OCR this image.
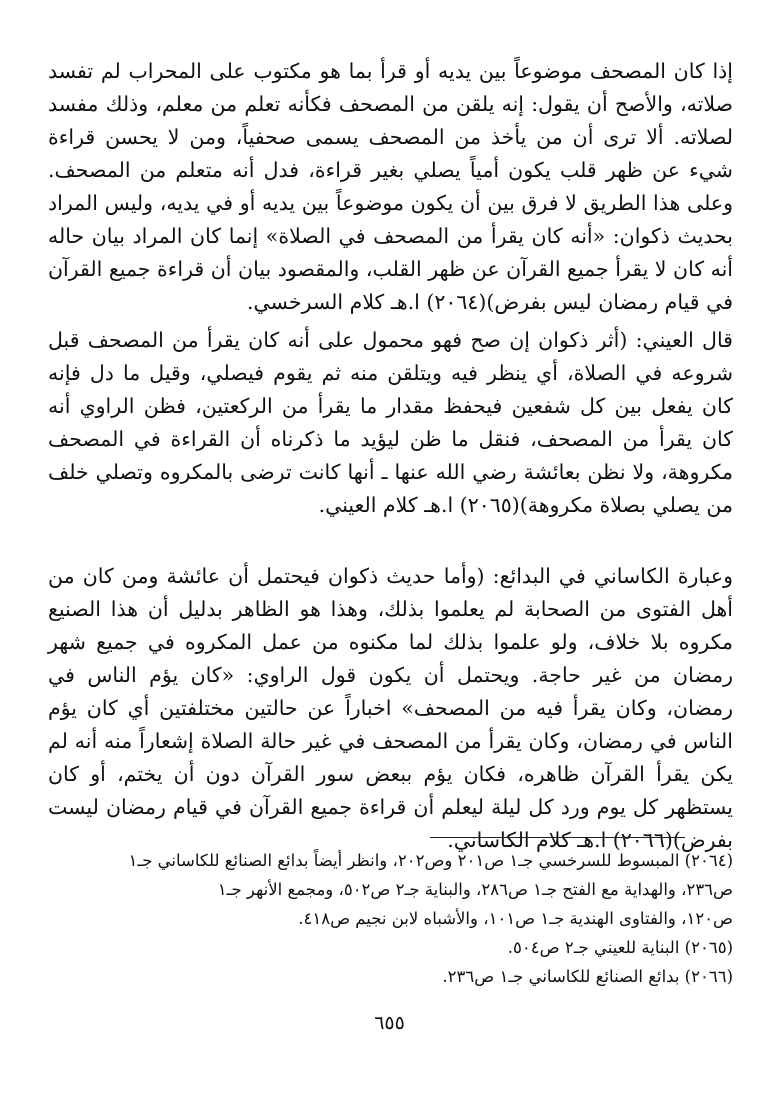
إذا كان المصحف موضوعاً بين يديه أو قرأ بما هو مكتوب على المحراب لم تفسد صلاته، والأصح أن يقول: إنه يلقن من المصحف فكأنه تعلم من معلم، وذلك مفسد لصلاته. ألا ترى أن من يأخذ من المصحف يسمى صحفياً، ومن لا يحسن قراءة شيء عن ظهر قلب يكون أمياً يصلي بغير قراءة، فدل أنه متعلم من المصحف. وعلى هذا الطريق لا فرق بين أن يكون موضوعاً بين يديه أو في يديه، وليس المراد بحديث ذكوان: «أنه كان يقرأ من المصحف في الصلاة» إنما كان المراد بيان حاله أنه كان لا يقرأ جميع القرآن عن ظهر القلب، والمقصود بيان أن قراءة جميع القرآن في قيام رمضان ليس بفرض)(٢٠٦٤) ا.هـ كلام السرخسي.
قال العيني: (أثر ذكوان إن صح فهو محمول على أنه كان يقرأ من المصحف قبل شروعه في الصلاة، أي ينظر فيه ويتلقن منه ثم يقوم فيصلي، وقيل ما دل فإنه كان يفعل بين كل شفعين فيحفظ مقدار ما يقرأ من الركعتين، فظن الراوي أنه كان يقرأ من المصحف، فنقل ما ظن ليؤيد ما ذكرناه أن القراءة في المصحف مكروهة، ولا نظن بعائشة رضي الله عنها ـ أنها كانت ترضى بالمكروه وتصلي خلف من يصلي بصلاة مكروهة)(٢٠٦٥) ا.هـ كلام العيني.
وعبارة الكاساني في البدائع: (وأما حديث ذكوان فيحتمل أن عائشة ومن كان من أهل الفتوى من الصحابة لم يعلموا بذلك، وهذا هو الظاهر بدليل أن هذا الصنيع مكروه بلا خلاف، ولو علموا بذلك لما مكنوه من عمل المكروه في جميع شهر رمضان من غير حاجة. ويحتمل أن يكون قول الراوي: «كان يؤم الناس في رمضان، وكان يقرأ فيه من المصحف» اخباراً عن حالتين مختلفتين أي كان يؤم الناس في رمضان، وكان يقرأ من المصحف في غير حالة الصلاة إشعاراً منه أنه لم يكن يقرأ القرآن ظاهره، فكان يؤم ببعض سور القرآن دون أن يختم، أو كان يستظهر كل يوم ورد كل ليلة ليعلم أن قراءة جميع القرآن في قيام رمضان ليست بفرض)(٢٠٦٦) ا.هـ كلام الكاساني.
(٢٠٦٤) المبسوط للسرخسي جـ١ ص٢٠١ وص٢٠٢، وانظر أيضاً بدائع الصنائع للكاساني جـ١
ص٢٣٦، والهداية مع الفتح جـ١ ص٢٨٦، والبناية جـ٢ ص٥٠٢، ومجمع الأنهر جـ١
ص١٢٠، والفتاوى الهندية جـ١ ص١٠١، والأشباه لابن نجيم ص٤١٨.
(٢٠٦٥) البناية للعيني جـ٢ ص٥٠٤.
(٢٠٦٦) بدائع الصنائع للكاساني جـ١ ص٢٣٦.
٦٥٥
